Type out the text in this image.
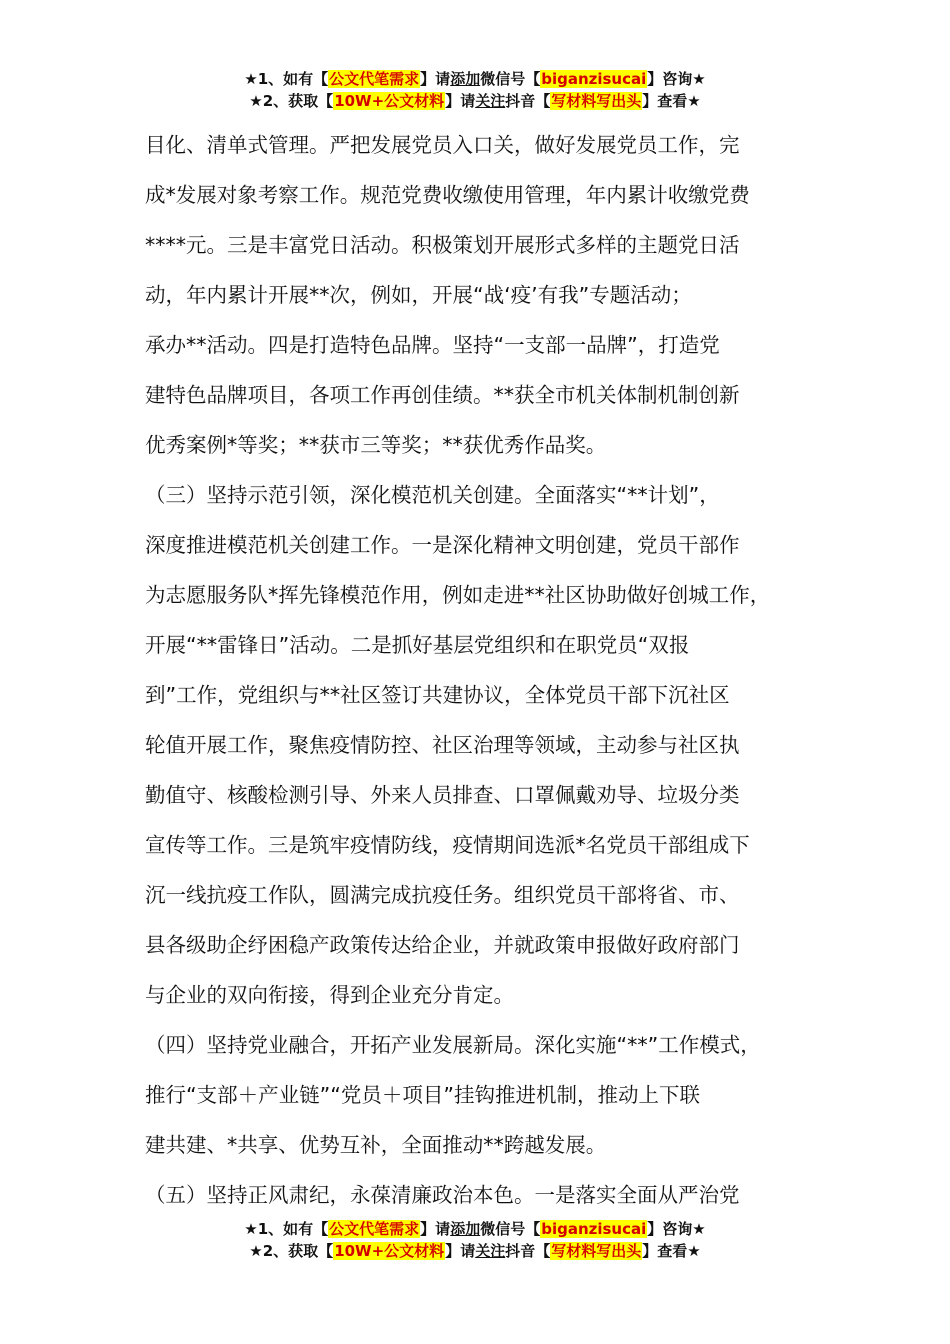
★1、如有【公文代笔需求】请添加微信号【biganzisucai】咨询★
★2、获取【10W+公文材料】请关注抖音【写材料写出头】查看★
目化、清单式管理。严把发展党员入口关，做好发展党员工作，完
成*发展对象考察工作。规范党费收缴使用管理，年内累计收缴党费
****元。三是丰富党日活动。积极策划开展形式多样的主题党日活
动，年内累计开展**次，例如，开展“战‘疫’有我”专题活动；
承办**活动。四是打造特色品牌。坚持“一支部一品牌”，打造党
建特色品牌项目，各项工作再创佳绩。**获全市机关体制机制创新
优秀案例*等奖；**获市三等奖；**获优秀作品奖。
（三）坚持示范引领，深化模范机关创建。全面落实“**计划”，
深度推进模范机关创建工作。一是深化精神文明创建，党员干部作
为志愿服务队*挥先锋模范作用，例如走进**社区协助做好创城工作，
开展“**雷锋日”活动。二是抓好基层党组织和在职党员“双报
到”工作，党组织与**社区签订共建协议，全体党员干部下沉社区
轮值开展工作，聚焦疫情防控、社区治理等领域，主动参与社区执
勤值守、核酸检测引导、外来人员排查、口罩佩戴劝导、垃圾分类
宣传等工作。三是筑牢疫情防线，疫情期间选派*名党员干部组成下
沉一线抗疫工作队，圆满完成抗疫任务。组织党员干部将省、市、
县各级助企纾困稳产政策传达给企业，并就政策申报做好政府部门
与企业的双向衔接，得到企业充分肯定。
（四）坚持党业融合，开拓产业发展新局。深化实施“**”工作模式，
推行“支部＋产业链”“党员＋项目”挂钩推进机制，推动上下联
建共建、*共享、优势互补，全面推动**跨越发展。
（五）坚持正风肃纪，永葆清廉政治本色。一是落实全面从严治党
★1、如有【公文代笔需求】请添加微信号【biganzisucai】咨询★
★2、获取【10W+公文材料】请关注抖音【写材料写出头】查看★
